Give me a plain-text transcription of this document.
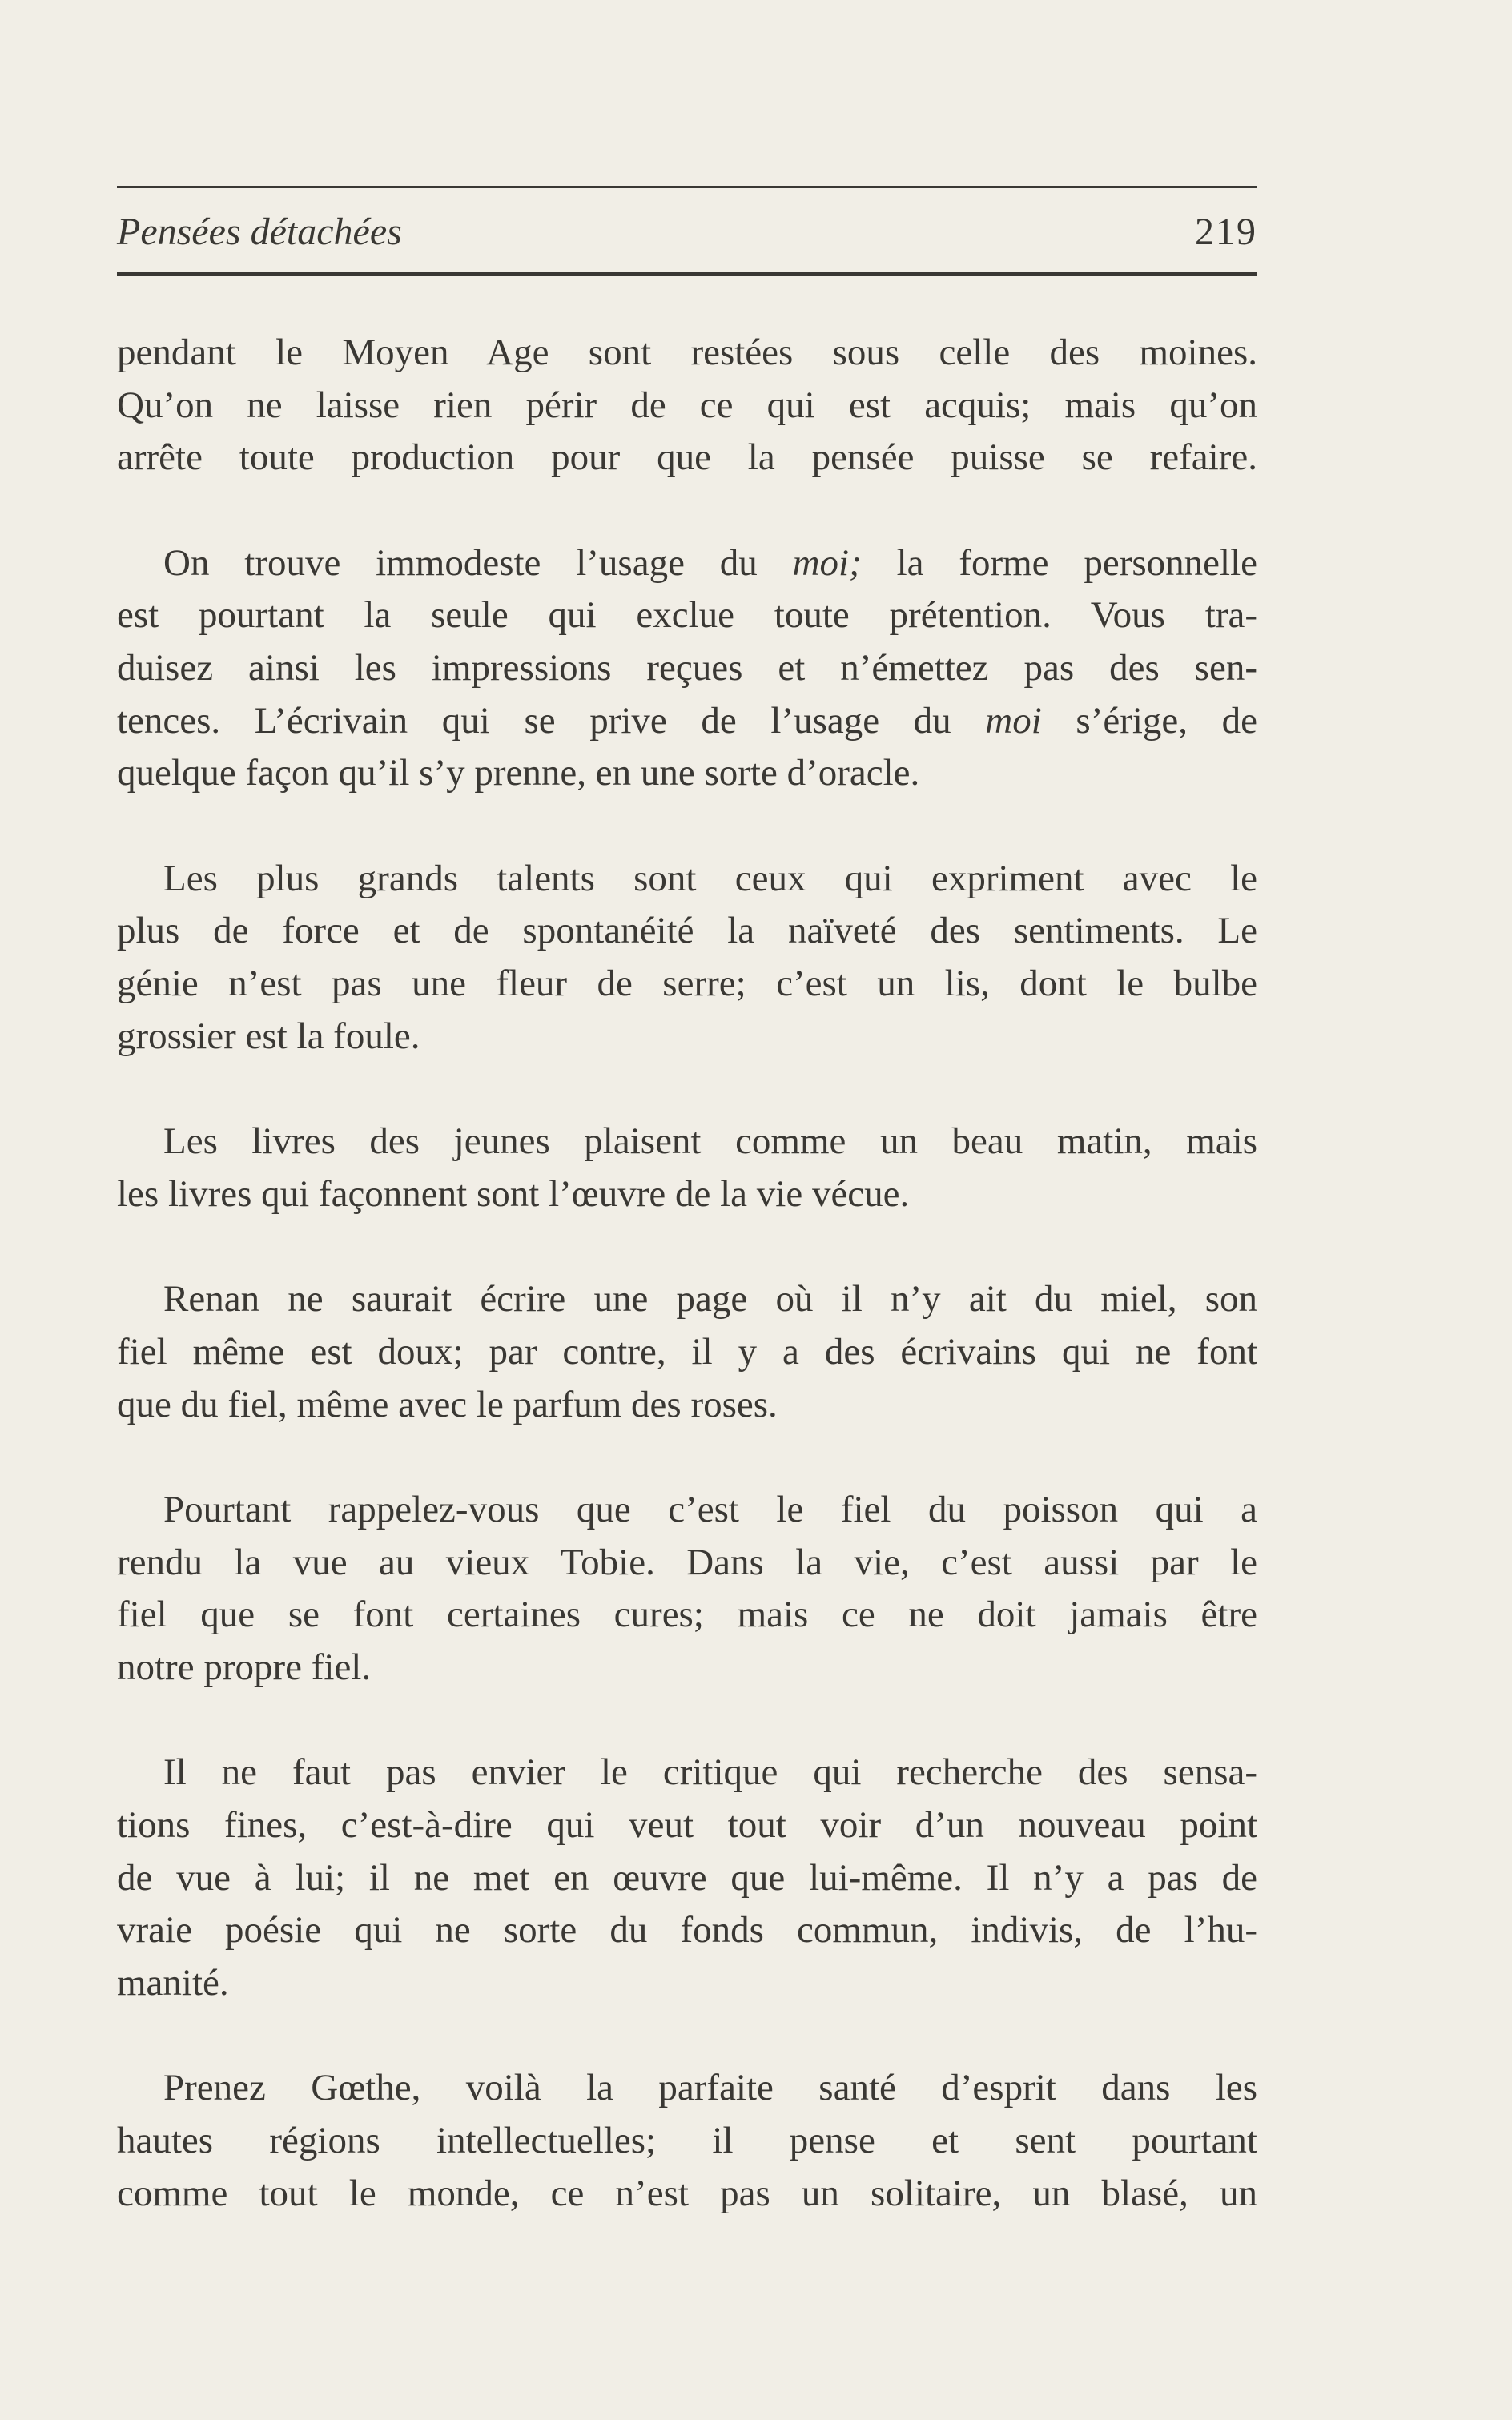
Pensées détachées	219

pendant le Moyen Age sont restées sous celle des moines.
Qu’on ne laisse rien périr de ce qui est acquis; mais qu’on
arrête toute production pour que la pensée puisse se refaire.

On trouve immodeste l’usage du moi; la forme personnelle
est pourtant la seule qui exclue toute prétention. Vous tra-
duisez ainsi les impressions reçues et n’émettez pas des sen-
tences. L’écrivain qui se prive de l’usage du moi s’érige, de
quelque façon qu’il s’y prenne, en une sorte d’oracle.

Les plus grands talents sont ceux qui expriment avec le
plus de force et de spontanéité la naïveté des sentiments. Le
génie n’est pas une fleur de serre; c’est un lis, dont le bulbe
grossier est la foule.

Les livres des jeunes plaisent comme un beau matin, mais
les livres qui façonnent sont l’œuvre de la vie vécue.

Renan ne saurait écrire une page où il n’y ait du miel, son
fiel même est doux; par contre, il y a des écrivains qui ne font
que du fiel, même avec le parfum des roses.

Pourtant rappelez-vous que c’est le fiel du poisson qui a
rendu la vue au vieux Tobie. Dans la vie, c’est aussi par le
fiel que se font certaines cures; mais ce ne doit jamais être
notre propre fiel.

Il ne faut pas envier le critique qui recherche des sensa-
tions fines, c’est-à-dire qui veut tout voir d’un nouveau point
de vue à lui; il ne met en œuvre que lui-même. Il n’y a pas de
vraie poésie qui ne sorte du fonds commun, indivis, de l’hu-
manité.

Prenez Gœthe, voilà la parfaite santé d’esprit dans les
hautes régions intellectuelles; il pense et sent pourtant
comme tout le monde, ce n’est pas un solitaire, un blasé, un
